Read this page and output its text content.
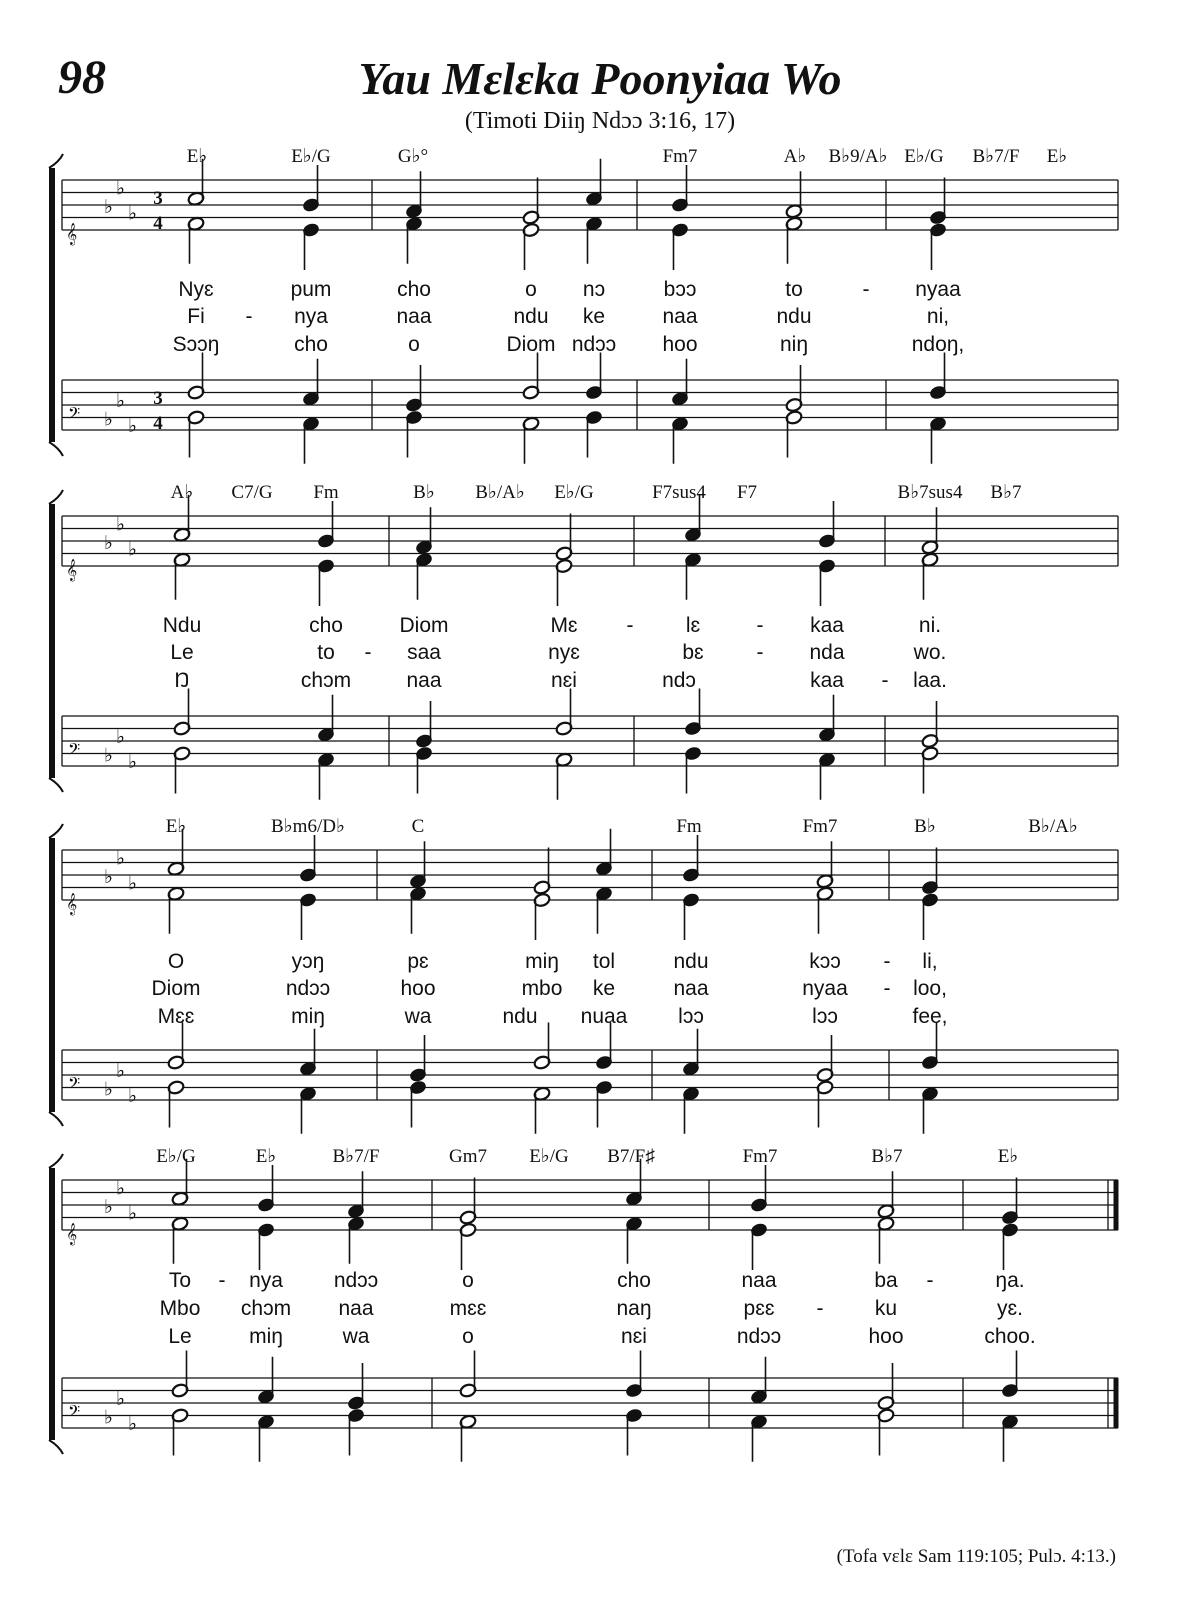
98	Yau Mɛlɛka Poonyiaa Wo
(Timoti Diiŋ Ndɔɔ 3:16, 17)
𝄞
♭
♭
♭
3
4
𝄢 ♭
♭
♭
3
4
E♭	E♭/G	G♭°	Fm7	A♭ B♭9/A♭ E♭/G B♭7/F E♭
Nyɛ	pum	cho	o nɔ	bɔɔ	to	- nyaa
Fi - nya	naa	ndu ke	naa	ndu	ni,
Sɔɔŋ	cho	o	Diom ndɔɔ hoo	niŋ	ndoŋ,
𝄞
♭
♭
♭
𝄢 ♭
♭
♭
A♭ C7/G Fm	B♭ B♭/A♭ E♭/G	F7sus4 F7	B♭7sus4 B♭7
Ndu	cho	Diom	Mɛ - lɛ	- kaa	ni.
Le	to - saa	nyɛ	bɛ	- nda	wo.
Ŋ	chɔm	naa	nɛi	ndɔ	kaa - laa.
𝄞
♭
♭
♭
𝄢 ♭
♭
♭
E♭	B♭m6/D♭	C	Fm	Fm7	B♭	B♭/A♭
O	yɔŋ	pɛ	miŋ tol	ndu	kɔɔ - li,
Diom	ndɔɔ	hoo	mbo ke	naa	nyaa - loo,
Mɛɛ	miŋ	wa	ndu nuaa lɔɔ	lɔɔ	fee,
𝄞
♭
♭
♭
𝄢 ♭
♭
♭
E♭/G	E♭	B♭7/F	Gm7 E♭/G B7/F♯	Fm7	B♭7	E♭
To - nya ndɔɔ	o	cho	naa	ba -	ŋa.
Mbo chɔm naa	mɛɛ	naŋ	pɛɛ - ku	yɛ.
Le	miŋ	wa	o	nɛi	ndɔɔ	hoo	choo.
(Tofa vɛlɛ Sam 119:105; Pulɔ. 4:13.)
